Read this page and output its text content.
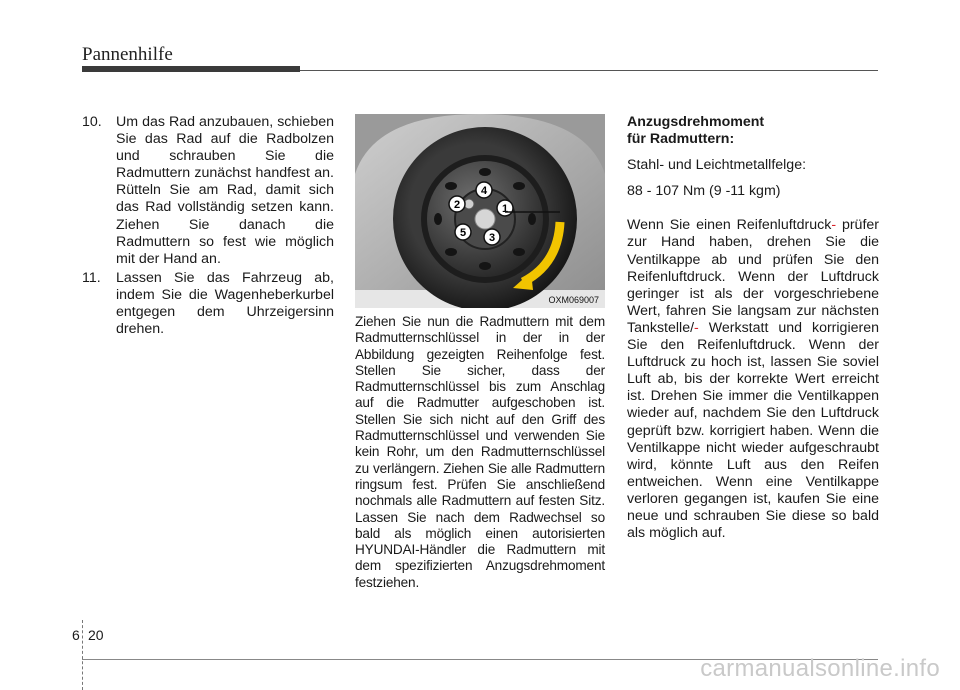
Pannenhilfe
10. Um das Rad anzubauen, schieben Sie das Rad auf die Radbolzen und schrauben Sie die Radmuttern zunächst handfest an. Rütteln Sie am Rad, damit sich das Rad vollständig setzen kann. Ziehen Sie danach die Radmuttern so fest wie möglich mit der Hand an.
11. Lassen Sie das Fahrzeug ab, indem Sie die Wagenheberkurbel entgegen dem Uhrzeigersinn drehen.
1
2
3
4
5
OXM069007

Ziehen Sie nun die Radmuttern mit dem Radmutternschlüssel in der in der Abbildung gezeigten Reihenfolge fest. Stellen Sie sicher, dass der Radmutternschlüssel bis zum Anschlag auf die Radmutter aufgeschoben ist. Stellen Sie sich nicht auf den Griff des Radmutternschlüssel und verwenden Sie kein Rohr, um den Radmutternschlüssel zu verlängern. Ziehen Sie alle Radmuttern ringsum fest. Prüfen Sie anschließend nochmals alle Radmuttern auf festen Sitz. Lassen Sie nach dem Radwechsel so bald als möglich einen autorisierten HYUNDAI-Händler die Radmuttern mit dem spezifizierten Anzugsdrehmoment festziehen.

Anzugsdrehmoment
für Radmuttern:

Stahl- und Leichtmetallfelge:

88 - 107 Nm (9 -11 kgm)

Wenn Sie einen Reifenluftdruck- prüfer zur Hand haben, drehen Sie die Ventilkappe ab und prüfen Sie den Reifenluftdruck. Wenn der Luftdruck geringer ist als der vorgeschriebene Wert, fahren Sie langsam zur nächsten Tankstelle/- Werkstatt und korrigieren Sie den Reifenluftdruck. Wenn der Luftdruck zu hoch ist, lassen Sie soviel Luft ab, bis der korrekte Wert erreicht ist. Drehen Sie immer die Ventilkappen wieder auf, nachdem Sie den Luftdruck geprüft bzw. korrigiert haben. Wenn die Ventilkappe nicht wieder aufgeschraubt wird, könnte Luft aus den Reifen entweichen. Wenn eine Ventilkappe verloren gegangen ist, kaufen Sie eine neue und schrauben Sie diese so bald als möglich auf.

6 20
carmanualsonline.info
